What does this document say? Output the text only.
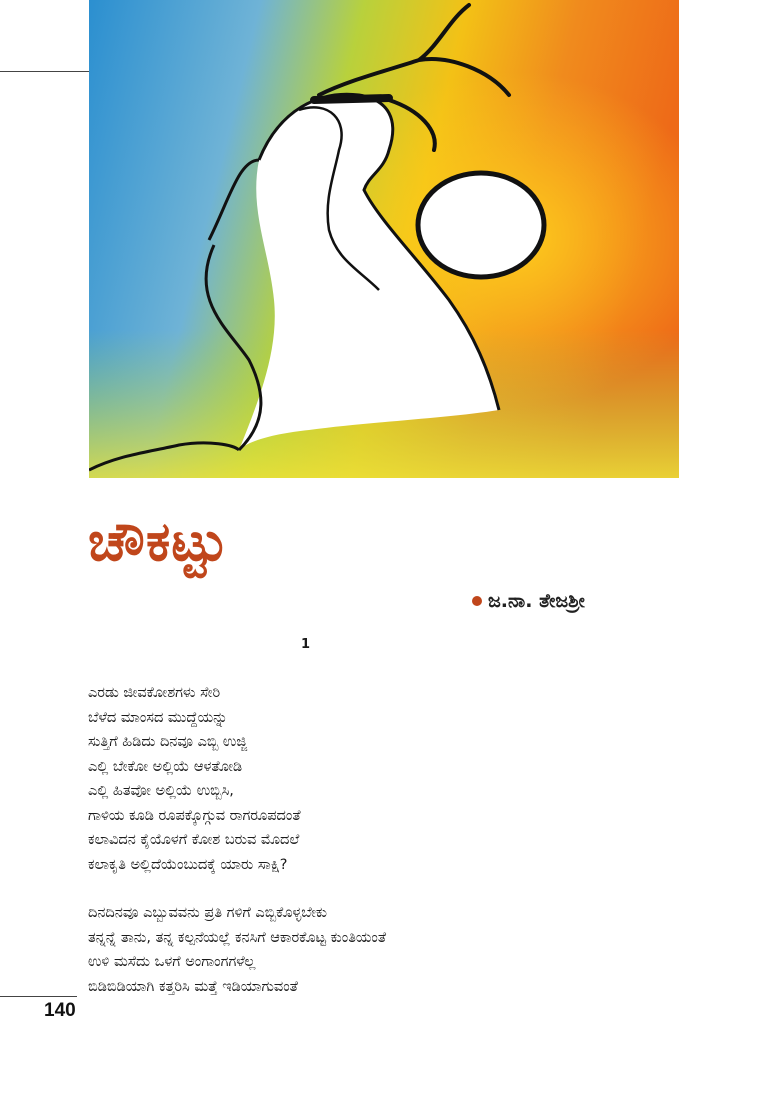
ಚೌಕಟ್ಟು
ಜ.ನಾ. ತೇಜಶ್ರೀ
1
ಎರಡು ಜೀವಕೋಶಗಳು ಸೇರಿ
ಬೆಳೆದ ಮಾಂಸದ ಮುದ್ದೆಯನ್ನು
ಸುತ್ತಿಗೆ ಹಿಡಿದು ದಿನವೂ ಎಬ್ಬಿ ಉಜ್ಜಿ
ಎಲ್ಲಿ ಬೇಕೋ ಅಲ್ಲಿಯೆ ಆಳತೋಡಿ
ಎಲ್ಲಿ ಹಿತವೋ ಅಲ್ಲಿಯೆ ಉಬ್ಬಿಸಿ,
ಗಾಳಿಯ ಕೂಡಿ ರೂಪಕ್ಕೊಗ್ಗುವ ರಾಗರೂಪದಂತೆ
ಕಲಾವಿದನ ಕೈಯೊಳಗೆ ಕೋಶ ಬರುವ ಮೊದಲೆ
ಕಲಾಕೃತಿ ಅಲ್ಲಿದೆಯೆಂಬುದಕ್ಕೆ ಯಾರು ಸಾಕ್ಷಿ?
ದಿನದಿನವೂ ಎಬ್ಬುವವನು ಪ್ರತಿ ಗಳಿಗೆ ಎಬ್ಬಿಕೊಳ್ಳಬೇಕು
ತನ್ನನ್ನೆ ತಾನು, ತನ್ನ ಕಲ್ಪನೆಯಲ್ಲೆ ಕನಸಿಗೆ ಆಕಾರಕೊಟ್ಟ ಕುಂತಿಯಂತೆ
ಉಳಿ ಮಸೆದು ಒಳಗೆ ಅಂಗಾಂಗಗಳೆಲ್ಲ
ಬಿಡಿಬಿಡಿಯಾಗಿ ಕತ್ತರಿಸಿ ಮತ್ತೆ ಇಡಿಯಾಗುವಂತೆ
140
